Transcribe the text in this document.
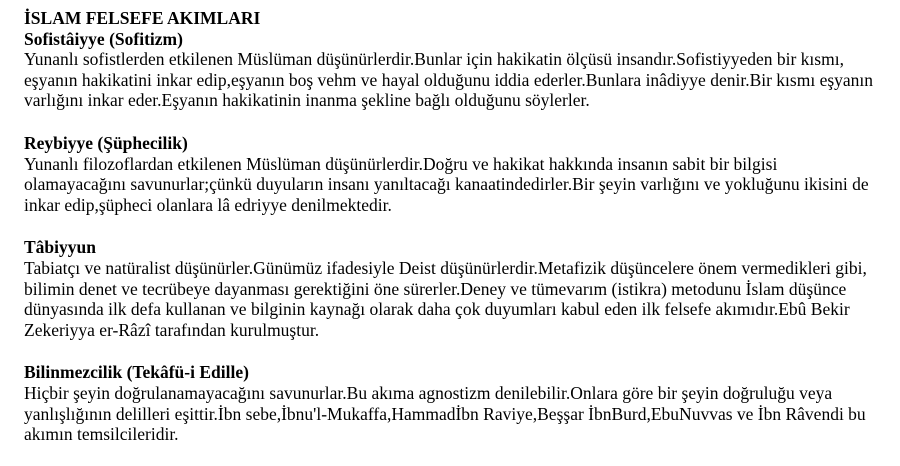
İSLAM FELSEFE AKIMLARI
Sofistâiyye (Sofitizm)
Yunanlı sofistlerden etkilenen Müslüman düşünürlerdir.Bunlar için hakikatin ölçüsü insandır.Sofistiyyeden bir kısmı, eşyanın hakikatini inkar edip,eşyanın boş vehm ve hayal olduğunu iddia ederler.Bunlara inâdiyye denir.Bir kısmı eşyanın varlığını inkar eder.Eşyanın hakikatinin inanma şekline bağlı olduğunu söylerler.
Reybiyye (Şüphecilik)
Yunanlı filozoflardan etkilenen Müslüman düşünürlerdir.Doğru ve hakikat hakkında insanın sabit bir bilgisi olamayacağını savunurlar;çünkü duyuların insanı yanıltacağı kanaatindedirler.Bir şeyin varlığını ve yokluğunu ikisini de inkar edip,şüpheci olanlara lâ edriyye denilmektedir.
Tâbiyyun
Tabiatçı ve natüralist düşünürler.Günümüz ifadesiyle Deist düşünürlerdir.Metafizik düşüncelere önem vermedikleri gibi, bilimin denet ve tecrübeye dayanması gerektiğini öne sürerler.Deney ve tümevarım (istikra) metodunu İslam düşünce dünyasında ilk defa kullanan ve bilginin kaynağı olarak daha çok duyumları kabul eden ilk felsefe akımıdır.Ebû Bekir Zekeriyya er-Râzî tarafından kurulmuştur.
Bilinmezcilik (Tekâfü-i Edille)
Hiçbir şeyin doğrulanamayacağını savunurlar.Bu akıma agnostizm denilebilir.Onlara göre bir şeyin doğruluğu veya yanlışlığının delilleri eşittir.İbn sebe,İbnu'l-Mukaffa,Hammadİbn Raviye,Beşşar İbnBurd,EbuNuvvas ve İbn Râvendi bu akımın temsilcileridir.
